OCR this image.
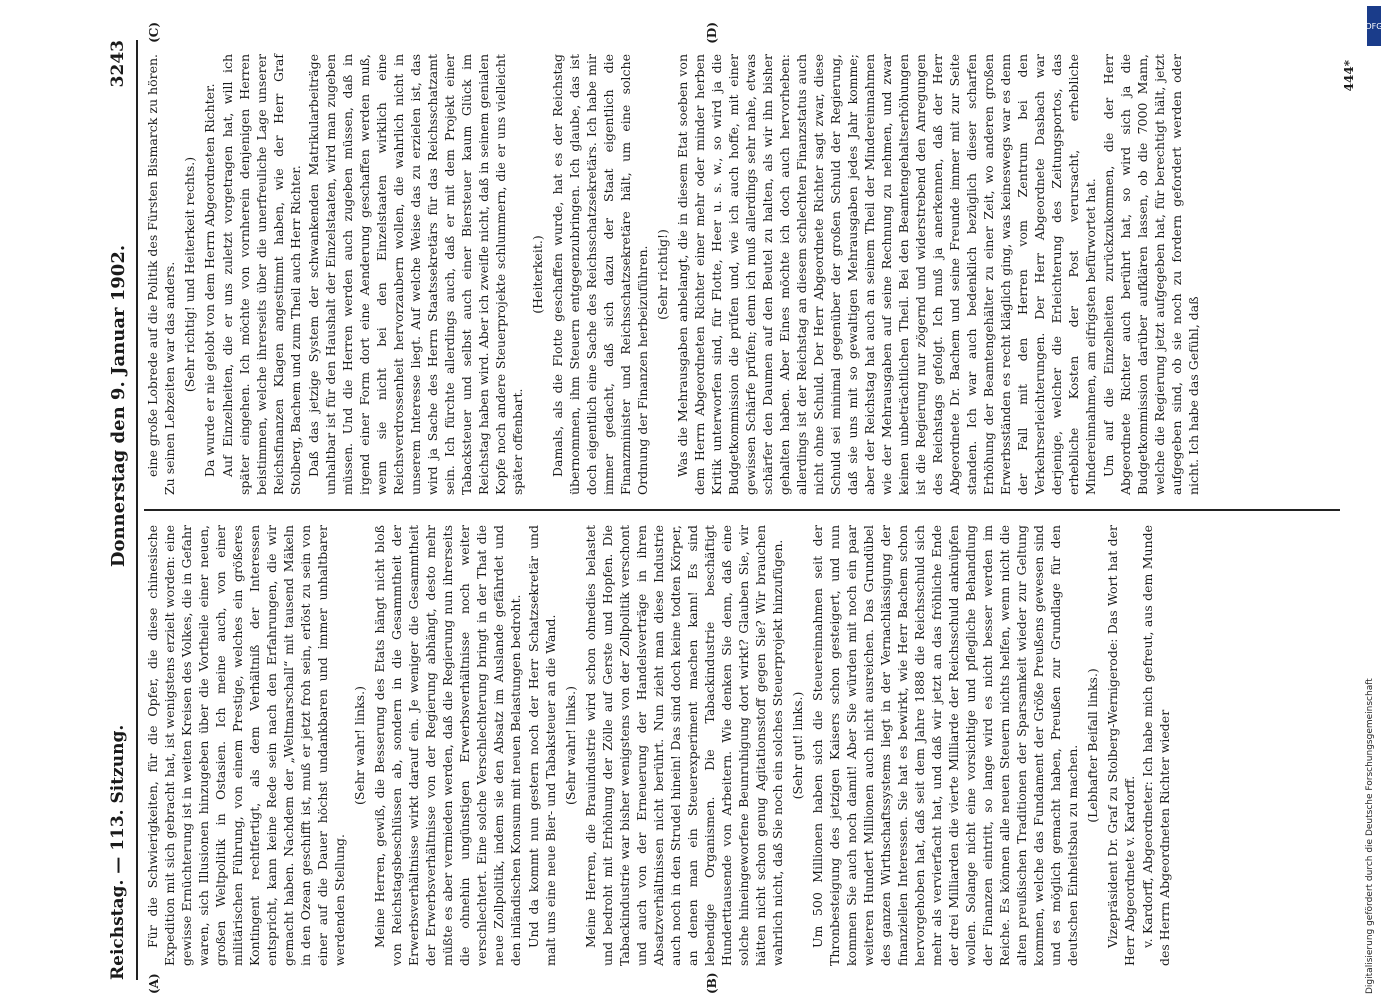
Reichstag. — 113. Sitzung.
Donnerstag den 9. Januar 1902.
3243
(A)	(B)

Für die Schwierigkeiten, für die Opfer, die diese chinesische Expedition mit sich gebracht hat, ist wenigstens erzielt worden: eine gewisse Ernüchterung ist in weiten Kreisen des Volkes, die in Gefahr waren, sich Illusionen hinzugeben über die Vortheile einer neuen, großen Weltpolitik in Ostasien. Ich meine auch, von einer militärischen Führung, von einem Prestige, welches ein größeres Kontingent rechtfertigt, als dem Verhältniß der Interessen entspricht, kann keine Rede sein nach den Erfahrungen, die wir gemacht haben. Nachdem der „Weltmarschall“ mit tausend Mäkeln in den Ozean geschifft ist, muß er jetzt froh sein, erlöst zu sein von einer auf die Dauer höchst undankbaren und immer unhaltbarer werdenden Stellung.

(Sehr wahr! links.) Meine Herren, gewiß, die Besserung des Etats hängt nicht bloß von Reichstagsbeschlüssen ab, sondern in die Gesammtheit der Erwerbsverhältnisse wirkt darauf ein. Je weniger die Gesammtheit der Erwerbsverhältnisse von der Regierung abhängt, desto mehr müßte es aber vermieden werden, daß die Regierung nun ihrerseits die ohnehin ungünstigen Erwerbsverhältnisse noch weiter verschlechtert. Eine solche Verschlechterung bringt in der That die neue Zollpolitik, indem sie den Absatz im Auslande gefährdet und den inländischen Konsum mit neuen Belastungen bedroht. Und da kommt nun gestern noch der Herr Schatzsekretär und malt uns eine neue Bier- und Tabaksteuer an die Wand. (Sehr wahr! links.) Meine Herren, die Brauindustrie wird schon ohnedies belastet und bedroht mit Erhöhung der Zölle auf Gerste und Hopfen. Die Tabackindustrie war bisher wenigstens von der Zollpolitik verschont und auch von der Erneuerung der Handelsverträge in ihren Absatzverhältnissen nicht berührt. Nun zieht man diese Industrie auch noch in den Strudel hinein! Das sind doch keine todten Körper, an denen man ein Steuerexperiment machen kann! Es sind lebendige Organismen. Die Tabackindustrie beschäftigt Hunderttausende von Arbeitern. Wie denken Sie denn, daß eine solche hineingeworfene Beunruhigung dort wirkt? Glauben Sie, wir hätten nicht schon genug Agitationsstoff gegen Sie? Wir brauchen wahrlich nicht, daß Sie noch ein solches Steuerprojekt hinzufügen. (Sehr gut! links.) Um 500 Millionen haben sich die Steuereinnahmen seit der Thronbesteigung des jetzigen Kaisers schon gesteigert, und nun kommen Sie auch noch damit! Aber Sie würden mit noch ein paar weiteren Hundert Millionen auch nicht ausreichen. Das Grundübel des ganzen Wirthschaftssystems liegt in der Vernachlässigung der finanziellen Interessen. Sie hat es bewirkt, wie Herr Bachem schon hervorgehoben hat, daß seit dem Jahre 1888 die Reichsschuld sich mehr als vervierfacht hat, und daß wir jetzt an das fröhliche Ende der drei Milliarden die vierte Milliarde der Reichsschuld anknüpfen wollen. Solange nicht eine vorsichtige und pflegliche Behandlung der Finanzen eintritt, so lange wird es nicht besser werden im Reiche. Es können alle neuen Steuern nichts helfen, wenn nicht die alten preußischen Traditionen der Sparsamkeit wieder zur Geltung kommen, welche das Fundament der Größe Preußens gewesen sind und es möglich gemacht haben, Preußen zur Grundlage für den deutschen Einheitsbau zu machen. (Lebhafter Beifall links.) Vizepräsident Dr. Graf zu Stolberg-Wernigerode: Das Wort hat der Herr Abgeordnete v. Kardorff. v. Kardorff, Abgeordneter: Ich habe mich gefreut, aus dem Munde des Herrn Abgeordneten Richter wieder

(C)	(D)

eine große Lobrede auf die Politik des Fürsten Bismarck zu hören. Zu seinen Lebzeiten war das anders. (Sehr richtig! und Heiterkeit rechts.) Da wurde er nie gelobt von dem Herrn Abgeordneten Richter. Auf Einzelheiten, die er uns zuletzt vorgetragen hat, will ich später eingehen. Ich möchte von vornherein denjenigen Herren beistimmen, welche ihrerseits über die unerfreuliche Lage unserer Reichsfinanzen Klagen angestimmt haben, wie der Herr Graf Stolberg, Bachem und zum Theil auch Herr Richter. Daß das jetzige System der schwankenden Matrikularbeiträge unhaltbar ist für den Haushalt der Einzelstaaten, wird man zugeben müssen. Und die Herren werden auch zugeben müssen, daß in irgend einer Form dort eine Aenderung geschaffen werden muß, wenn sie nicht bei den Einzelstaaten wirklich eine Reichsverdrossenheit hervorzaubern wollen, die wahrlich nicht in unserem Interesse liegt. Auf welche Weise das zu erzielen ist, das wird ja Sache des Herrn Staatssekretärs für das Reichsschatzamt sein. Ich fürchte allerdings auch, daß er mit dem Projekt einer Tabacksteuer und selbst auch einer Biersteuer kaum Glück im Reichstag haben wird. Aber ich zweifle nicht, daß in seinem genialen Kopfe noch andere Steuerprojekte schlummern, die er uns vielleicht später offenbart.

(Heiterkeit.) Damals, als die Flotte geschaffen wurde, hat es der Reichstag übernommen, ihm Steuern entgegenzubringen. Ich glaube, das ist doch eigentlich eine Sache des Reichsschatzsekretärs. Ich habe mir immer gedacht, daß sich dazu der Staat eigentlich die Finanzminister und Reichsschatzsekretäre hält, um eine solche Ordnung der Finanzen herbeizuführen. (Sehr richtig!) Was die Mehrausgaben anbelangt, die in diesem Etat soeben von dem Herrn Abgeordneten Richter einer mehr oder minder herben Kritik unterworfen sind, für Flotte, Heer u. s. w., so wird ja die Budgetkommission die prüfen und, wie ich auch hoffe, mit einer gewissen Schärfe prüfen; denn ich muß allerdings sehr nahe, etwas schärfer den Daumen auf den Beutel zu halten, als wir ihn bisher gehalten haben. Aber Eines möchte ich doch auch hervorheben: allerdings ist der Reichstag an diesem schlechten Finanzstatus auch nicht ohne Schuld. Der Herr Abgeordnete Richter sagt zwar, diese Schuld sei minimal gegenüber der großen Schuld der Regierung, daß sie uns mit so gewaltigen Mehrausgaben jedes Jahr komme; aber der Reichstag hat auch an seinem Theil der Mindereinnahmen wie der Mehrausgaben auf seine Rechnung zu nehmen, und zwar keinen unbeträchtlichen Theil. Bei den Beamtengehaltserhöhungen ist die Regierung nur zögernd und widerstrebend den Anregungen des Reichstags gefolgt. Ich muß ja anerkennen, daß der Herr Abgeordnete Dr. Bachem und seine Freunde immer mit zur Seite standen. Ich war auch bedenklich bezüglich dieser scharfen Erhöhung der Beamtengehälter zu einer Zeit, wo anderen großen Erwerbsständen es recht kläglich ging, was keineswegs war es denn der Fall mit den Herren vom Zentrum bei den Verkehrserleichterungen. Der Herr Abgeordnete Dasbach war derjenige, welcher die Erleichterung des Zeitungsportos, das erhebliche Kosten der Post verursacht, erhebliche Mindereinnahmen, am eifrigsten befürwortet hat. Um auf die Einzelheiten zurückzukommen, die der Herr Abgeordnete Richter auch berührt hat, so wird sich ja die Budgetkommission darüber aufklären lassen, ob die 7000 Mann, welche die Regierung jetzt aufgegeben hat, für berechtigt hält, jetzt aufgegeben sind, ob sie noch zu fordern gefordert werden oder nicht. Ich habe das Gefühl, daß

444*
Digitalisierung gefördert durch die Deutsche Forschungsgemeinschaft
DFG
